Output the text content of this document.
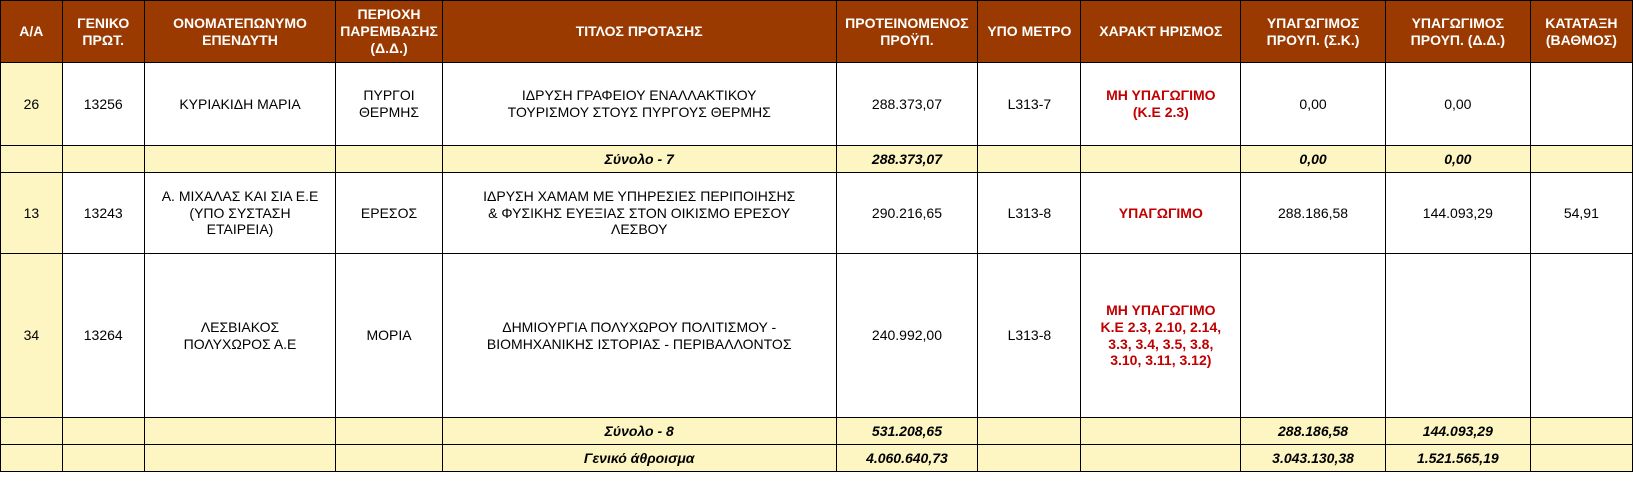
Α/Α	ΓΕΝΙΚΟ ΠΡΩΤ.	ΟΝΟΜΑΤΕΠΩΝΥΜΟ ΕΠΕΝΔΥΤΗ	ΠΕΡΙΟΧΗ ΠΑΡΕΜΒΑΣΗΣ (Δ.Δ.)	ΤΙΤΛΟΣ ΠΡΟΤΑΣΗΣ	ΠΡΟΤΕΙΝΟΜΕΝΟΣ ΠΡΟΫΠ.	ΥΠΟ ΜΕΤΡΟ	ΧΑΡΑΚΤ ΗΡΙΣΜΟΣ	ΥΠΑΓΩΓΙΜΟΣ ΠΡΟΥΠ. (Σ.Κ.)	ΥΠΑΓΩΓΙΜΟΣ ΠΡΟΥΠ. (Δ.Δ.)	ΚΑΤΑΤΑΞΗ (ΒΑΘΜΟΣ)

26	13256	ΚΥΡΙΑΚΙΔΗ ΜΑΡΙΑ	ΠΥΡΓΟΙ
ΘΕΡΜΗΣ	ΙΔΡΥΣΗ ΓΡΑΦΕΙΟΥ ΕΝΑΛΛΑΚΤΙΚΟΥ
ΤΟΥΡΙΣΜΟΥ ΣΤΟΥΣ ΠΥΡΓΟΥΣ ΘΕΡΜΗΣ	288.373,07	L313-7	ΜΗ ΥΠΑΓΩΓΙΜΟ
(Κ.Ε 2.3)	0,00	0,00	
				Σύνολο - 7	288.373,07			0,00	0,00	
13	13243	Α. ΜΙΧΑΛΑΣ ΚΑΙ ΣΙΑ Ε.Ε
(ΥΠΟ ΣΥΣΤΑΣΗ
ΕΤΑΙΡΕΙΑ)	ΕΡΕΣΟΣ	ΙΔΡΥΣΗ ΧΑΜΑΜ ΜΕ ΥΠΗΡΕΣΙΕΣ ΠΕΡΙΠΟΙΗΣΗΣ
& ΦΥΣΙΚΗΣ ΕΥΕΞΙΑΣ ΣΤΟΝ ΟΙΚΙΣΜΟ ΕΡΕΣΟΥ
ΛΕΣΒΟΥ	290.216,65	L313-8	ΥΠΑΓΩΓΙΜΟ	288.186,58	144.093,29	54,91
34	13264	ΛΕΣΒΙΑΚΟΣ
ΠΟΛΥΧΩΡΟΣ Α.Ε	ΜΟΡΙΑ	ΔΗΜΙΟΥΡΓΙΑ ΠΟΛΥΧΩΡΟΥ ΠΟΛΙΤΙΣΜΟΥ -
ΒΙΟΜΗΧΑΝΙΚΗΣ ΙΣΤΟΡΙΑΣ - ΠΕΡΙΒΑΛΛΟΝΤΟΣ	240.992,00	L313-8	ΜΗ ΥΠΑΓΩΓΙΜΟ
Κ.Ε 2.3, 2.10, 2.14,
3.3, 3.4, 3.5, 3.8,
3.10, 3.11, 3.12)			

				Σύνολο - 8	531.208,65			288.186,58	144.093,29	
				Γενικό άθροισμα	4.060.640,73			3.043.130,38	1.521.565,19	
